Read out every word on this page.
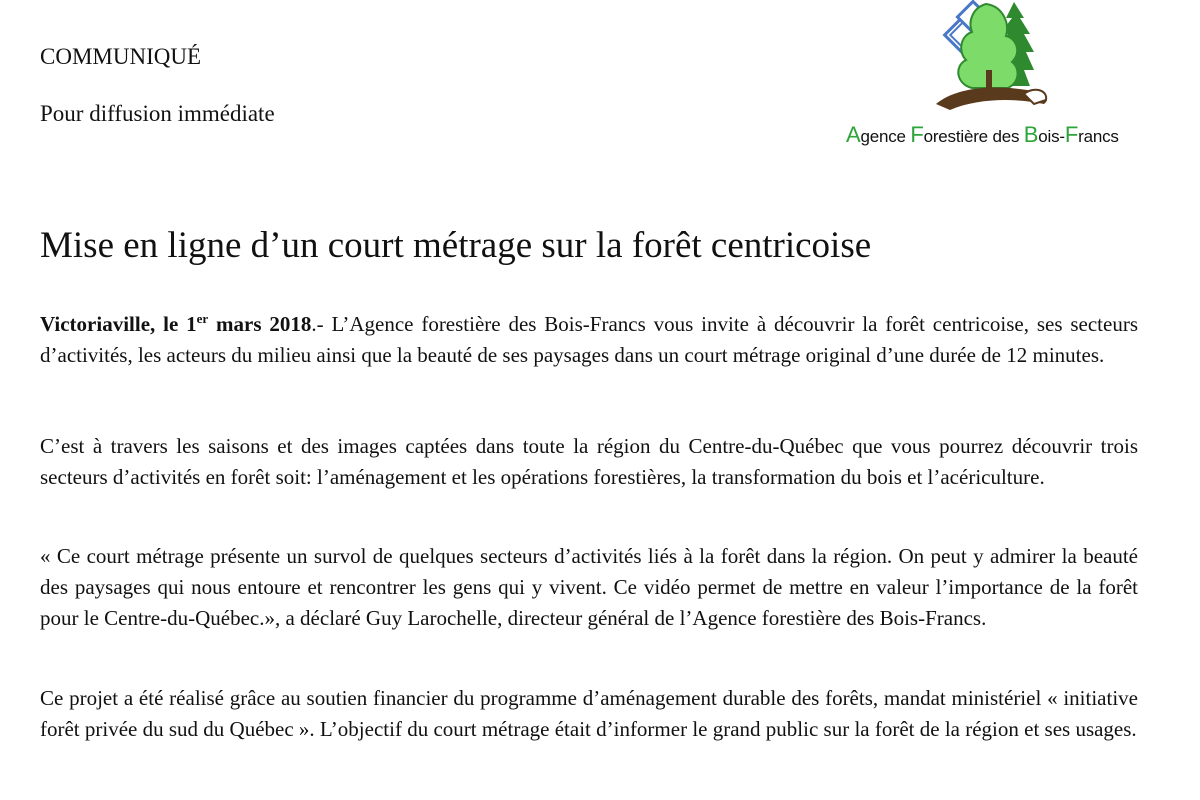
COMMUNIQUÉ
Pour diffusion immédiate
Agence Forestière des Bois-Francs
Mise en ligne d’un court métrage sur la forêt centricoise

Victoriaville, le 1er mars 2018.- L’Agence forestière des Bois-Francs vous invite à découvrir la forêt centricoise, ses secteurs d’activités, les acteurs du milieu ainsi que la beauté de ses paysages dans un court métrage original d’une durée de 12 minutes.

C’est à travers les saisons et des images captées dans toute la région du Centre-du-Québec que vous pourrez découvrir trois secteurs d’activités en forêt soit: l’aménagement et les opérations forestières, la transformation du bois et l’acériculture.

« Ce court métrage présente un survol de quelques secteurs d’activités liés à la forêt dans la région. On peut y admirer la beauté des paysages qui nous entoure et rencontrer les gens qui y vivent. Ce vidéo permet de mettre en valeur l’importance de la forêt pour le Centre-du-Québec.», a déclaré Guy Larochelle, directeur général de l’Agence forestière des Bois-Francs.

Ce projet a été réalisé grâce au soutien financier du programme d’aménagement durable des forêts, mandat ministériel « initiative forêt privée du sud du Québec ». L’objectif du court métrage était d’informer le grand public sur la forêt de la région et ses usages.
